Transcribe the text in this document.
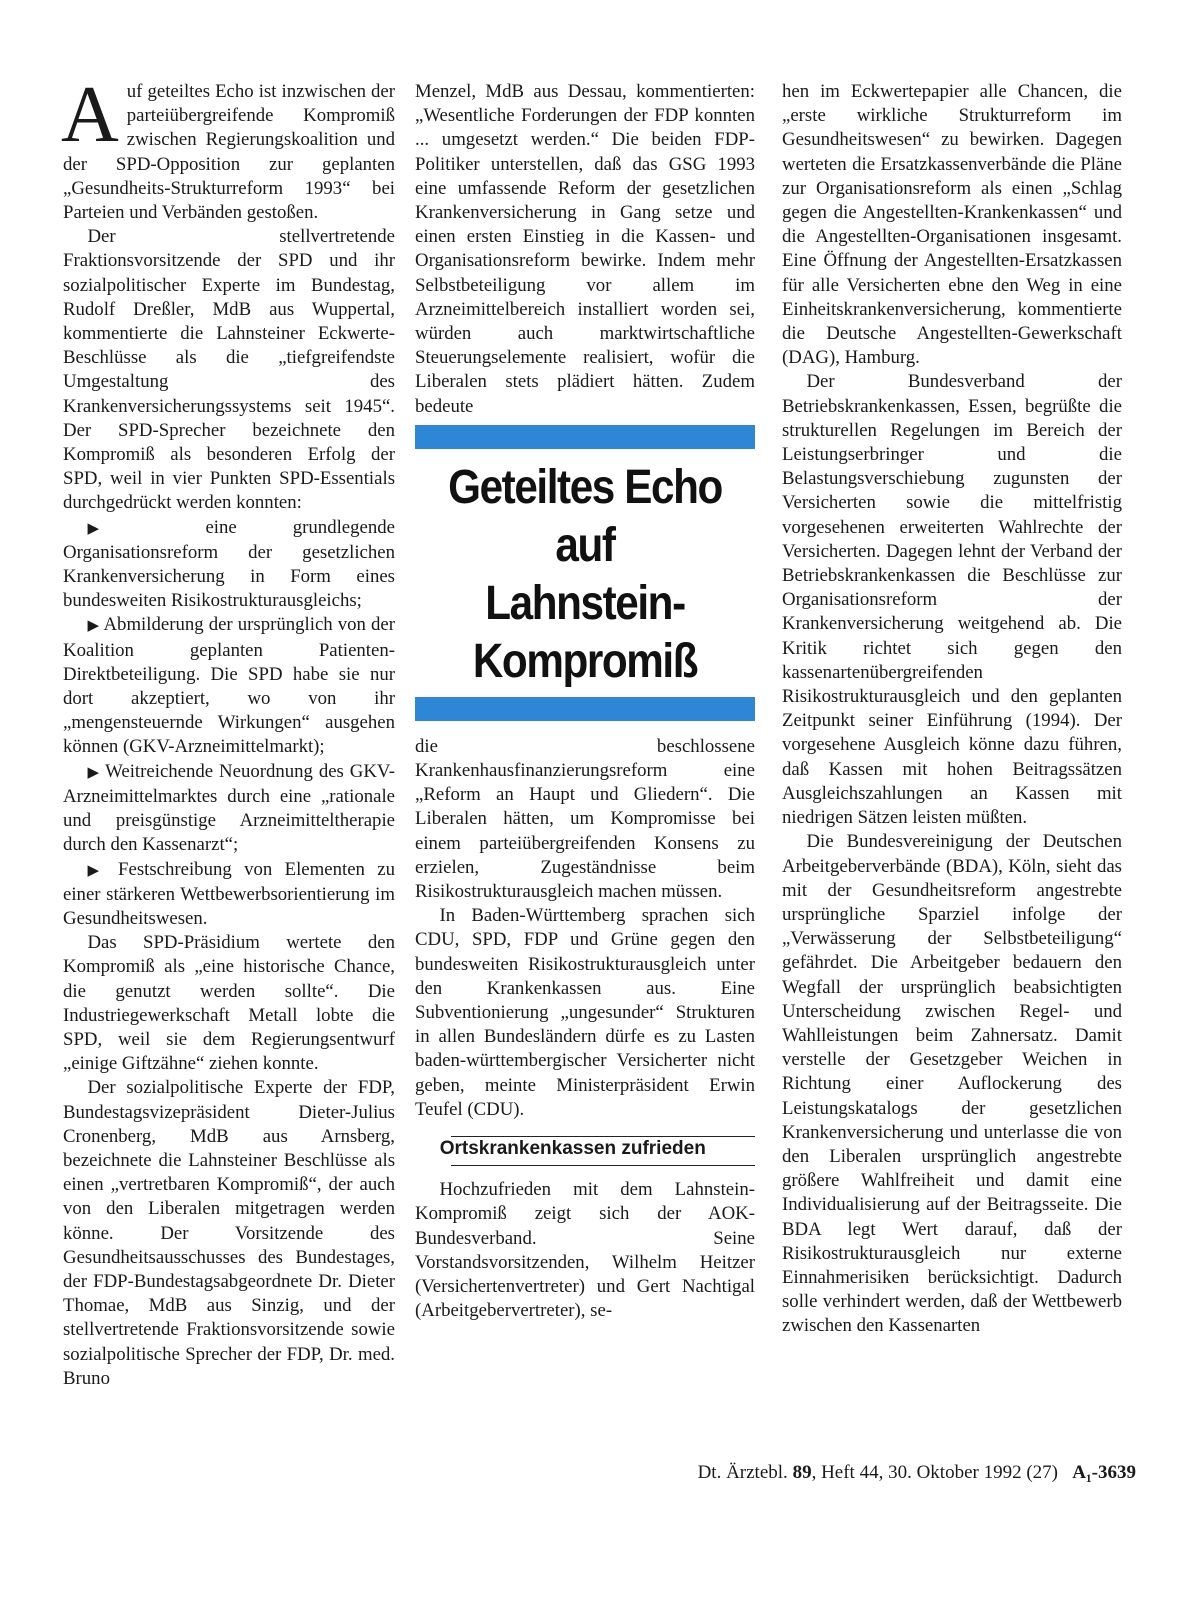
Auf geteiltes Echo ist inzwischen der parteiübergreifende Kompromiß zwischen Regierungskoalition und der SPD-Opposition zur geplanten „Gesundheits-Strukturreform 1993“ bei Parteien und Verbänden gestoßen.

Der stellvertretende Fraktionsvorsitzende der SPD und ihr sozialpolitischer Experte im Bundestag, Rudolf Dreßler, MdB aus Wuppertal, kommentierte die Lahnsteiner Eckwerte-Beschlüsse als die „tiefgreifendste Umgestaltung des Krankenversicherungssystems seit 1945“. Der SPD-Sprecher bezeichnete den Kompromiß als besonderen Erfolg der SPD, weil in vier Punkten SPD-Essentials durchgedrückt werden konnten:

▶ eine grundlegende Organisationsreform der gesetzlichen Krankenversicherung in Form eines bundesweiten Risikostrukturausgleichs;

▶ Abmilderung der ursprünglich von der Koalition geplanten Patienten-Direktbeteiligung. Die SPD habe sie nur dort akzeptiert, wo von ihr „mengensteuernde Wirkungen“ ausgehen können (GKV-Arzneimittelmarkt);

▶ Weitreichende Neuordnung des GKV-Arzneimittelmarktes durch eine „rationale und preisgünstige Arzneimitteltherapie durch den Kassenarzt“;

▶ Festschreibung von Elementen zu einer stärkeren Wettbewerbsorientierung im Gesundheitswesen.

Das SPD-Präsidium wertete den Kompromiß als „eine historische Chance, die genutzt werden sollte“. Die Industriegewerkschaft Metall lobte die SPD, weil sie dem Regierungsentwurf „einige Giftzähne“ ziehen konnte.

Der sozialpolitische Experte der FDP, Bundestagsvizepräsident Dieter-Julius Cronenberg, MdB aus Arnsberg, bezeichnete die Lahnsteiner Beschlüsse als einen „vertretbaren Kompromiß“, der auch von den Liberalen mitgetragen werden könne. Der Vorsitzende des Gesundheitsausschusses des Bundestages, der FDP-Bundestagsabgeordnete Dr. Dieter Thomae, MdB aus Sinzig, und der stellvertretende Fraktionsvorsitzende sowie sozialpolitische Sprecher der FDP, Dr. med. Bruno

Menzel, MdB aus Dessau, kommentierten: „Wesentliche Forderungen der FDP konnten ... umgesetzt werden.“ Die beiden FDP-Politiker unterstellen, daß das GSG 1993 eine umfassende Reform der gesetzlichen Krankenversicherung in Gang setze und einen ersten Einstieg in die Kassen- und Organisationsreform bewirke. Indem mehr Selbstbeteiligung vor allem im Arzneimittelbereich installiert worden sei, würden auch marktwirtschaftliche Steuerungselemente realisiert, wofür die Liberalen stets plädiert hätten. Zudem bedeute

Geteiltes Echo
auf
Lahnstein-
Kompromiß

die beschlossene Krankenhausfinanzierungsreform eine „Reform an Haupt und Gliedern“. Die Liberalen hätten, um Kompromisse bei einem parteiübergreifenden Konsens zu erzielen, Zugeständnisse beim Risikostrukturausgleich machen müssen.

In Baden-Württemberg sprachen sich CDU, SPD, FDP und Grüne gegen den bundesweiten Risikostrukturausgleich unter den Krankenkassen aus. Eine Subventionierung „ungesunder“ Strukturen in allen Bundesländern dürfe es zu Lasten baden-württembergischer Versicherter nicht geben, meinte Ministerpräsident Erwin Teufel (CDU).

Ortskrankenkassen zufrieden

Hochzufrieden mit dem Lahnstein-Kompromiß zeigt sich der AOK-Bundesverband. Seine Vorstandsvorsitzenden, Wilhelm Heitzer (Versichertenvertreter) und Gert Nachtigal (Arbeitgebervertreter), se-

hen im Eckwertepapier alle Chancen, die „erste wirkliche Strukturreform im Gesundheitswesen“ zu bewirken. Dagegen werteten die Ersatzkassenverbände die Pläne zur Organisationsreform als einen „Schlag gegen die Angestellten-Krankenkassen“ und die Angestellten-Organisationen insgesamt. Eine Öffnung der Angestellten-Ersatzkassen für alle Versicherten ebne den Weg in eine Einheitskrankenversicherung, kommentierte die Deutsche Angestellten-Gewerkschaft (DAG), Hamburg.

Der Bundesverband der Betriebskrankenkassen, Essen, begrüßte die strukturellen Regelungen im Bereich der Leistungserbringer und die Belastungsverschiebung zugunsten der Versicherten sowie die mittelfristig vorgesehenen erweiterten Wahlrechte der Versicherten. Dagegen lehnt der Verband der Betriebskrankenkassen die Beschlüsse zur Organisationsreform der Krankenversicherung weitgehend ab. Die Kritik richtet sich gegen den kassenartenübergreifenden Risikostrukturausgleich und den geplanten Zeitpunkt seiner Einführung (1994). Der vorgesehene Ausgleich könne dazu führen, daß Kassen mit hohen Beitragssätzen Ausgleichszahlungen an Kassen mit niedrigen Sätzen leisten müßten.

Die Bundesvereinigung der Deutschen Arbeitgeberverbände (BDA), Köln, sieht das mit der Gesundheitsreform angestrebte ursprüngliche Sparziel infolge der „Verwässerung der Selbstbeteiligung“ gefährdet. Die Arbeitgeber bedauern den Wegfall der ursprünglich beabsichtigten Unterscheidung zwischen Regel- und Wahlleistungen beim Zahnersatz. Damit verstelle der Gesetzgeber Weichen in Richtung einer Auflockerung des Leistungskatalogs der gesetzlichen Krankenversicherung und unterlasse die von den Liberalen ursprünglich angestrebte größere Wahlfreiheit und damit eine Individualisierung auf der Beitragsseite. Die BDA legt Wert darauf, daß der Risikostrukturausgleich nur externe Einnahmerisiken berücksichtigt. Dadurch solle verhindert werden, daß der Wettbewerb zwischen den Kassenarten

Dt. Ärztebl. 89, Heft 44, 30. Oktober 1992 (27) A₁-3639
